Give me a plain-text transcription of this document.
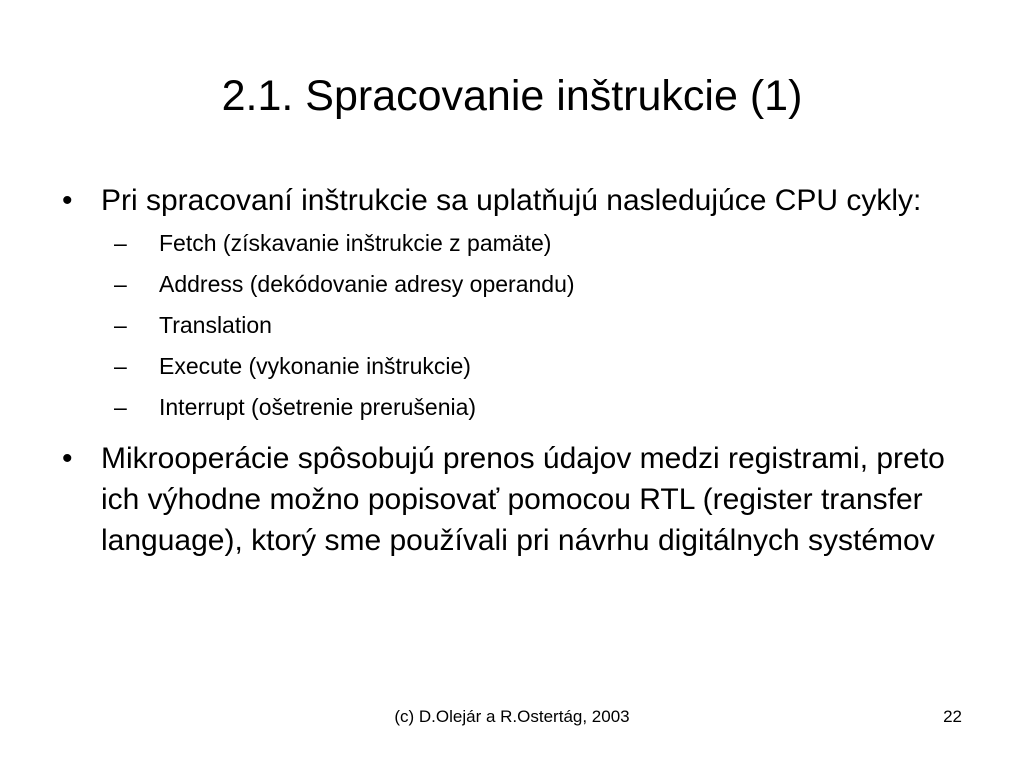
2.1. Spracovanie inštrukcie (1)
• Pri spracovaní inštrukcie sa uplatňujú nasledujúce CPU cykly:
– Fetch (získavanie inštrukcie z pamäte)
– Address (dekódovanie adresy operandu)
– Translation
– Execute (vykonanie inštrukcie)
– Interrupt (ošetrenie prerušenia)
• Mikrooperácie spôsobujú prenos údajov medzi registrami, preto ich výhodne možno popisovať pomocou RTL (register transfer language), ktorý sme používali pri návrhu digitálnych systémov
(c) D.Olejár a R.Ostertág, 2003	22
